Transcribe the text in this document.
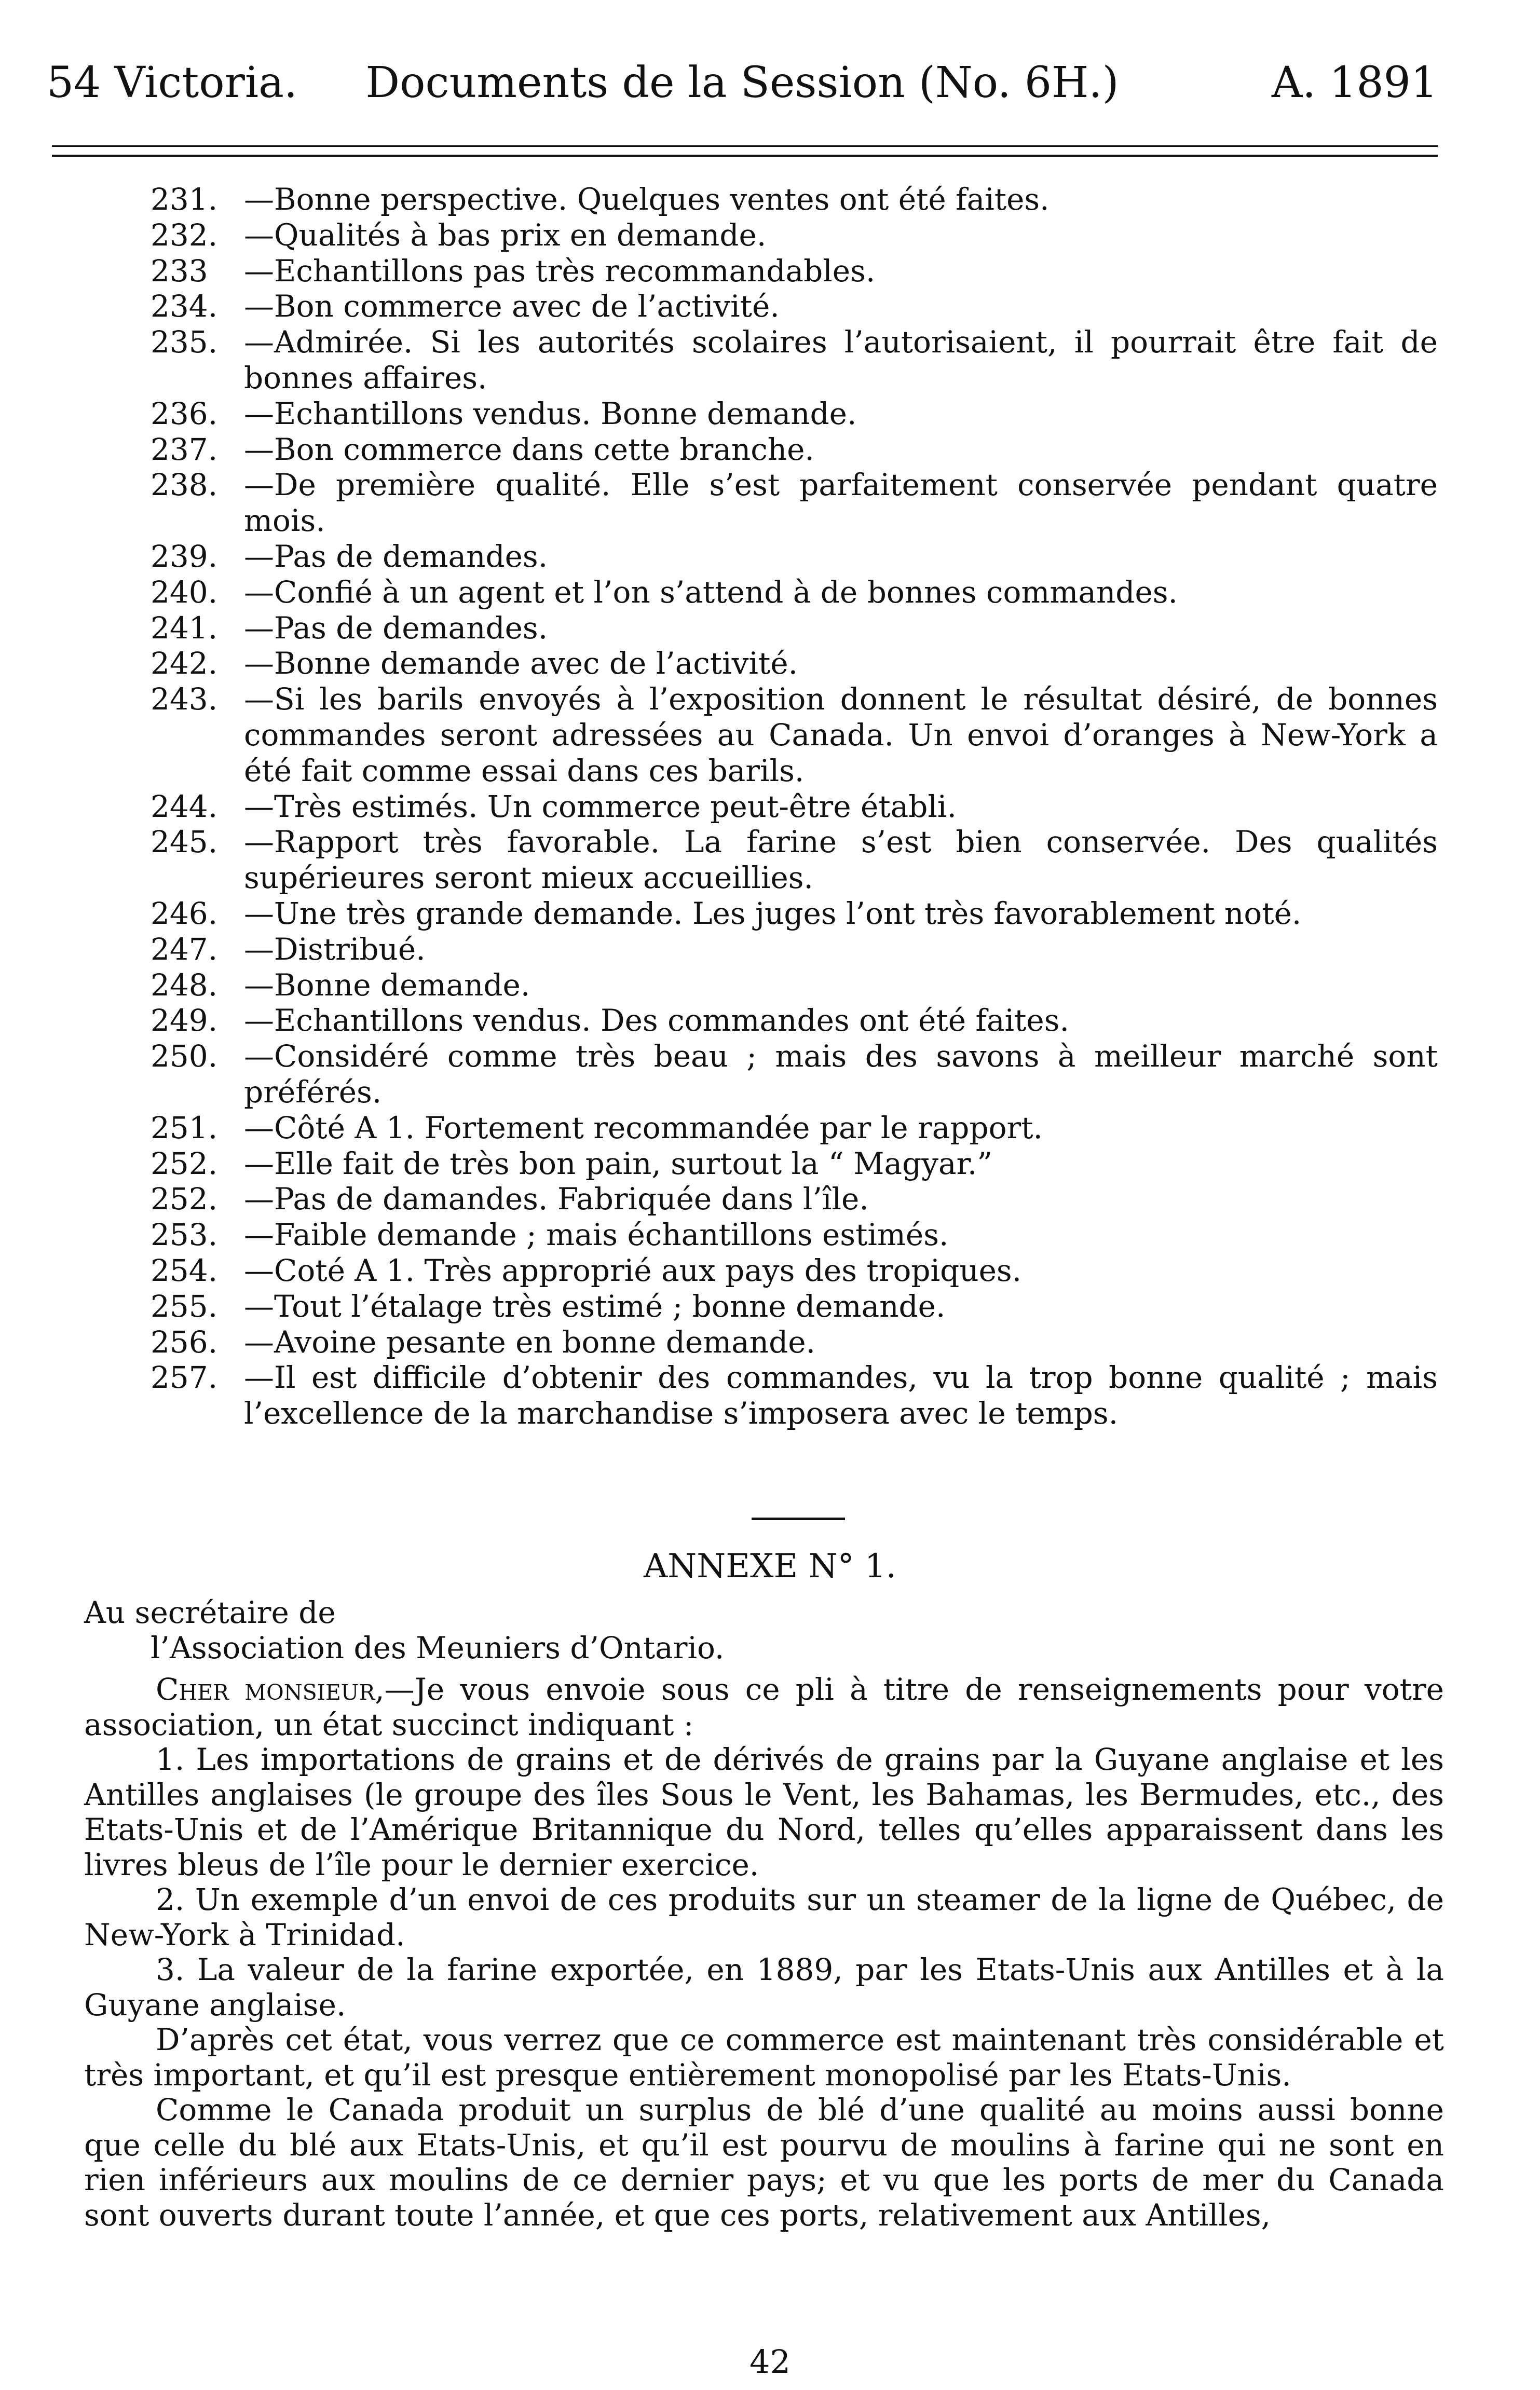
54 Victoria.	Documents de la Session (No. 6H.)	A. 1891
231. —Bonne perspective. Quelques ventes ont été faites.
232. —Qualités à bas prix en demande.
233	—Echantillons pas très recommandables.
234. —Bon commerce avec de l’activité.
235. —Admirée. Si les autorités scolaires l’autorisaient, il pourrait être fait de bonnes affaires.
236. —Echantillons vendus. Bonne demande.
237. —Bon commerce dans cette branche.
238. —De première qualité. Elle s’est parfaitement conservée pendant quatre mois.
239. —Pas de demandes.
240. —Confié à un agent et l’on s’attend à de bonnes commandes.
241. —Pas de demandes.
242. —Bonne demande avec de l’activité.
243. —Si les barils envoyés à l’exposition donnent le résultat désiré, de bonnes commandes seront adressées au Canada. Un envoi d’oranges à New-York a été fait comme essai dans ces barils.
244. —Très estimés. Un commerce peut-être établi.
245. —Rapport très favorable. La farine s’est bien conservée. Des qualités supérieures seront mieux accueillies.
246. —Une très grande demande. Les juges l’ont très favorablement noté.
247. —Distribué.
248. —Bonne demande.
249. —Echantillons vendus. Des commandes ont été faites.
250. —Considéré comme très beau ; mais des savons à meilleur marché sont préférés.
251. —Côté A 1. Fortement recommandée par le rapport.
252. —Elle fait de très bon pain, surtout la “ Magyar.”
252. —Pas de damandes. Fabriquée dans l’île.
253. —Faible demande ; mais échantillons estimés.
254. —Coté A 1. Très approprié aux pays des tropiques.
255. —Tout l’étalage très estimé ; bonne demande.
256. —Avoine pesante en bonne demande.
257. —Il est difficile d’obtenir des commandes, vu la trop bonne qualité ; mais l’excellence de la marchandise s’imposera avec le temps.
ANNEXE N° 1.
Au secrétaire de
l’Association des Meuniers d’Ontario.

Cher monsieur,—Je vous envoie sous ce pli à titre de renseignements pour votre association, un état succinct indiquant :

1. Les importations de grains et de dérivés de grains par la Guyane anglaise et les Antilles anglaises (le groupe des îles Sous le Vent, les Bahamas, les Bermudes, etc., des Etats-Unis et de l’Amérique Britannique du Nord, telles qu’elles apparaissent dans les livres bleus de l’île pour le dernier exercice.

2. Un exemple d’un envoi de ces produits sur un steamer de la ligne de Québec, de New-York à Trinidad.

3. La valeur de la farine exportée, en 1889, par les Etats-Unis aux Antilles et à la Guyane anglaise.

D’après cet état, vous verrez que ce commerce est maintenant très considérable et très important, et qu’il est presque entièrement monopolisé par les Etats-Unis.

Comme le Canada produit un surplus de blé d’une qualité au moins aussi bonne que celle du blé aux Etats-Unis, et qu’il est pourvu de moulins à farine qui ne sont en rien inférieurs aux moulins de ce dernier pays; et vu que les ports de mer du Canada sont ouverts durant toute l’année, et que ces ports, relativement aux Antilles,

42
